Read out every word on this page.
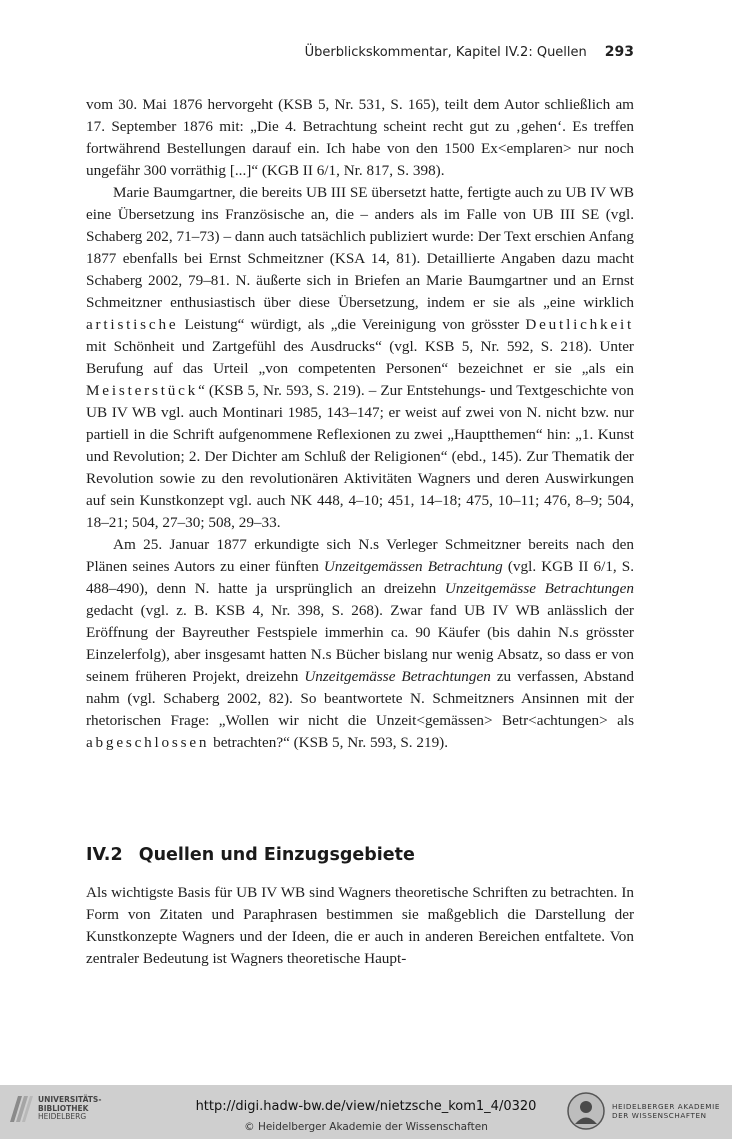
Überblickskommentar, Kapitel IV.2: Quellen 293

vom 30. Mai 1876 hervorgeht (KSB 5, Nr. 531, S. 165), teilt dem Autor schließlich am 17. September 1876 mit: „Die 4. Betrachtung scheint recht gut zu ‚gehen‘. Es treffen fortwährend Bestellungen darauf ein. Ich habe von den 1500 Ex<emplaren> nur noch ungefähr 300 vorräthig [...]“ (KGB II 6/1, Nr. 817, S. 398).

Marie Baumgartner, die bereits UB III SE übersetzt hatte, fertigte auch zu UB IV WB eine Übersetzung ins Französische an, die – anders als im Falle von UB III SE (vgl. Schaberg 202, 71–73) – dann auch tatsächlich publiziert wurde: Der Text erschien Anfang 1877 ebenfalls bei Ernst Schmeitzner (KSA 14, 81). Detaillierte Angaben dazu macht Schaberg 2002, 79–81. N. äußerte sich in Briefen an Marie Baumgartner und an Ernst Schmeitzner enthusiastisch über diese Übersetzung, indem er sie als „eine wirklich artistische Leistung“ würdigt, als „die Vereinigung von grösster Deutlichkeit mit Schönheit und Zartgefühl des Ausdrucks“ (vgl. KSB 5, Nr. 592, S. 218). Unter Berufung auf das Urteil „von competenten Personen“ bezeichnet er sie „als ein Meisterstück“ (KSB 5, Nr. 593, S. 219). – Zur Entstehungs- und Textgeschichte von UB IV WB vgl. auch Montinari 1985, 143–147; er weist auf zwei von N. nicht bzw. nur partiell in die Schrift aufgenommene Reflexionen zu zwei „Hauptthemen“ hin: „1. Kunst und Revolution; 2. Der Dichter am Schluß der Religionen“ (ebd., 145). Zur Thematik der Revolution sowie zu den revolutionären Aktivitäten Wagners und deren Auswirkungen auf sein Kunstkonzept vgl. auch NK 448, 4–10; 451, 14–18; 475, 10–11; 476, 8–9; 504, 18–21; 504, 27–30; 508, 29–33.

Am 25. Januar 1877 erkundigte sich N.s Verleger Schmeitzner bereits nach den Plänen seines Autors zu einer fünften Unzeitgemässen Betrachtung (vgl. KGB II 6/1, S. 488–490), denn N. hatte ja ursprünglich an dreizehn Unzeitgemässe Betrachtungen gedacht (vgl. z. B. KSB 4, Nr. 398, S. 268). Zwar fand UB IV WB anlässlich der Eröffnung der Bayreuther Festspiele immerhin ca. 90 Käufer (bis dahin N.s grösster Einzelerfolg), aber insgesamt hatten N.s Bücher bislang nur wenig Absatz, so dass er von seinem früheren Projekt, dreizehn Unzeitgemässe Betrachtungen zu verfassen, Abstand nahm (vgl. Schaberg 2002, 82). So beantwortete N. Schmeitzners Ansinnen mit der rhetorischen Frage: „Wollen wir nicht die Unzeit<gemässen> Betr<achtungen> als abgeschlossen betrachten?“ (KSB 5, Nr. 593, S. 219).

IV.2 Quellen und Einzugsgebiete

Als wichtigste Basis für UB IV WB sind Wagners theoretische Schriften zu betrachten. In Form von Zitaten und Paraphrasen bestimmen sie maßgeblich die Darstellung der Kunstkonzepte Wagners und der Ideen, die er auch in anderen Bereichen entfaltete. Von zentraler Bedeutung ist Wagners theoretische Haupt-

UNIVERSITÄTS-
BIBLIOTHEK
HEIDELBERG
http://digi.hadw-bw.de/view/nietzsche_kom1_4/0320
© Heidelberger Akademie der Wissenschaften
HEIDELBERGER AKADEMIE
DER WISSENSCHAFTEN
